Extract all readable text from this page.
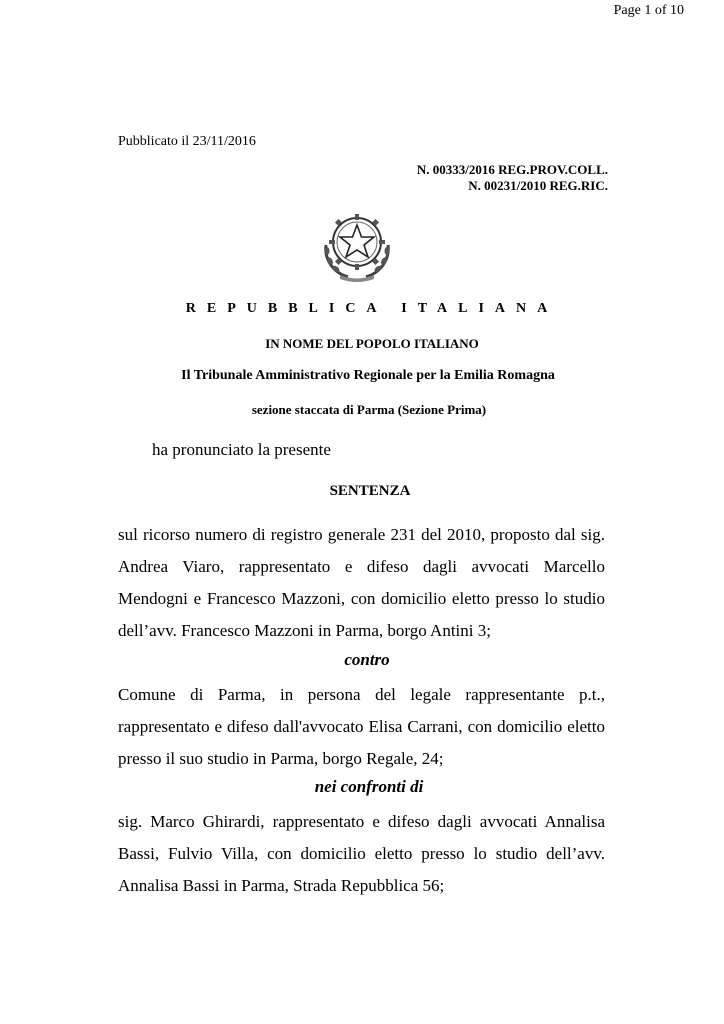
Page 1 of 10
Pubblicato il 23/11/2016
N. 00333/2016 REG.PROV.COLL.
N. 00231/2010 REG.RIC.
REPUBBLICA ITALIANA
IN NOME DEL POPOLO ITALIANO
Il Tribunale Amministrativo Regionale per la Emilia Romagna
sezione staccata di Parma (Sezione Prima)
ha pronunciato la presente
SENTENZA
sul ricorso numero di registro generale 231 del 2010, proposto dal sig. Andrea Viaro, rappresentato e difeso dagli avvocati Marcello Mendogni e Francesco Mazzoni, con domicilio eletto presso lo studio dell’avv. Francesco Mazzoni in Parma, borgo Antini 3;
contro
Comune di Parma, in persona del legale rappresentante p.t., rappresentato e difeso dall'avvocato Elisa Carrani, con domicilio eletto presso il suo studio in Parma, borgo Regale, 24;
nei confronti di
sig. Marco Ghirardi, rappresentato e difeso dagli avvocati Annalisa Bassi, Fulvio Villa, con domicilio eletto presso lo studio dell’avv. Annalisa Bassi in Parma, Strada Repubblica 56;
